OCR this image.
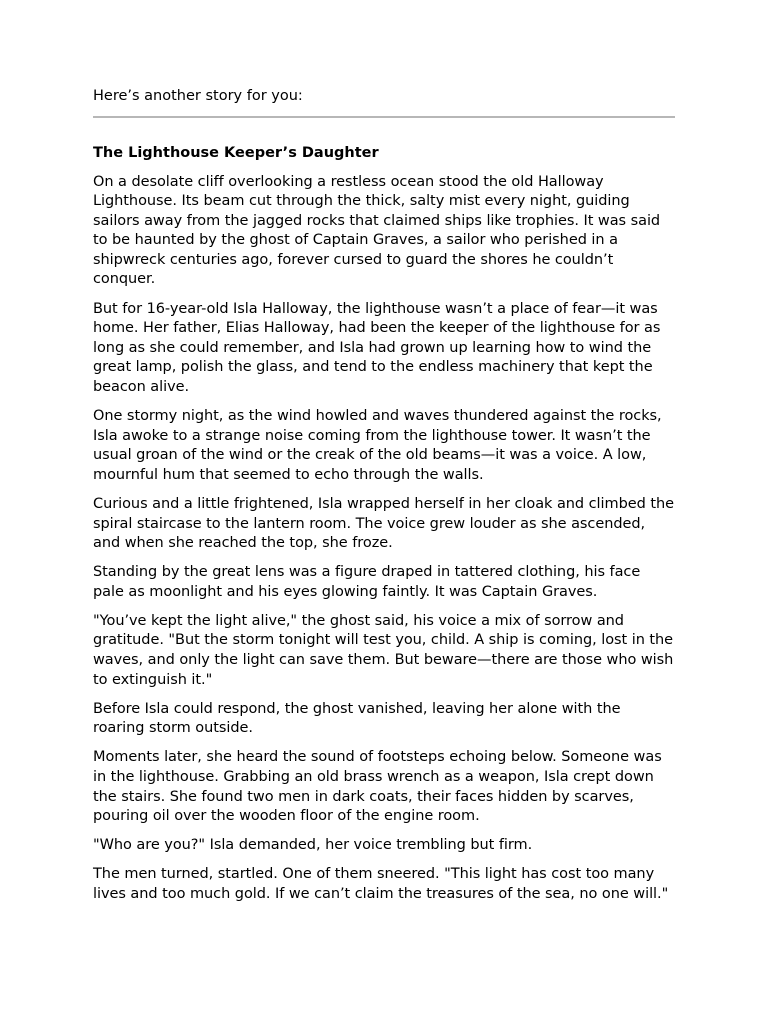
Here’s another story for you:

The Lighthouse Keeper’s Daughter

On a desolate cliff overlooking a restless ocean stood the old Halloway Lighthouse. Its beam cut through the thick, salty mist every night, guiding sailors away from the jagged rocks that claimed ships like trophies. It was said to be haunted by the ghost of Captain Graves, a sailor who perished in a shipwreck centuries ago, forever cursed to guard the shores he couldn’t conquer.

But for 16-year-old Isla Halloway, the lighthouse wasn’t a place of fear—it was home. Her father, Elias Halloway, had been the keeper of the lighthouse for as long as she could remember, and Isla had grown up learning how to wind the great lamp, polish the glass, and tend to the endless machinery that kept the beacon alive.

One stormy night, as the wind howled and waves thundered against the rocks, Isla awoke to a strange noise coming from the lighthouse tower. It wasn’t the usual groan of the wind or the creak of the old beams—it was a voice. A low, mournful hum that seemed to echo through the walls.

Curious and a little frightened, Isla wrapped herself in her cloak and climbed the spiral staircase to the lantern room. The voice grew louder as she ascended, and when she reached the top, she froze.

Standing by the great lens was a figure draped in tattered clothing, his face pale as moonlight and his eyes glowing faintly. It was Captain Graves.

"You’ve kept the light alive," the ghost said, his voice a mix of sorrow and gratitude. "But the storm tonight will test you, child. A ship is coming, lost in the waves, and only the light can save them. But beware—there are those who wish to extinguish it."

Before Isla could respond, the ghost vanished, leaving her alone with the roaring storm outside.

Moments later, she heard the sound of footsteps echoing below. Someone was in the lighthouse. Grabbing an old brass wrench as a weapon, Isla crept down the stairs. She found two men in dark coats, their faces hidden by scarves, pouring oil over the wooden floor of the engine room.

"Who are you?" Isla demanded, her voice trembling but firm.

The men turned, startled. One of them sneered. "This light has cost too many lives and too much gold. If we can’t claim the treasures of the sea, no one will."
